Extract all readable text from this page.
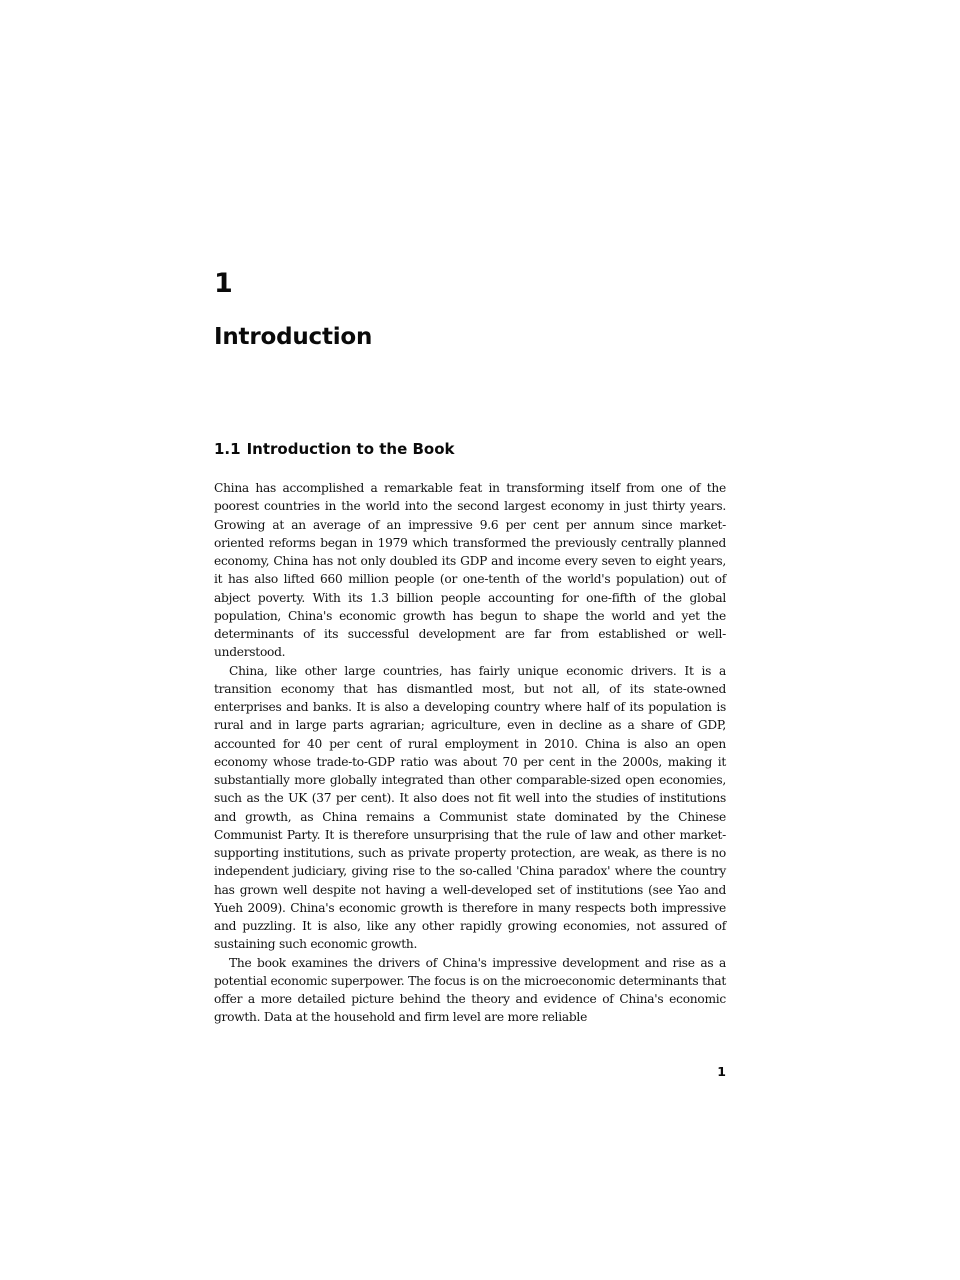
1
Introduction
1.1 Introduction to the Book

China has accomplished a remarkable feat in transforming itself from one of the poorest countries in the world into the second largest economy in just thirty years. Growing at an average of an impressive 9.6 per cent per annum since market-oriented reforms began in 1979 which transformed the previously centrally planned economy, China has not only doubled its GDP and income every seven to eight years, it has also lifted 660 million people (or one-tenth of the world's population) out of abject poverty. With its 1.3 billion people accounting for one-fifth of the global population, China's economic growth has begun to shape the world and yet the determinants of its successful development are far from established or well-understood.

China, like other large countries, has fairly unique economic drivers. It is a transition economy that has dismantled most, but not all, of its state-owned enterprises and banks. It is also a developing country where half of its population is rural and in large parts agrarian; agriculture, even in decline as a share of GDP, accounted for 40 per cent of rural employment in 2010. China is also an open economy whose trade-to-GDP ratio was about 70 per cent in the 2000s, making it substantially more globally integrated than other comparable-sized open economies, such as the UK (37 per cent). It also does not fit well into the studies of institutions and growth, as China remains a Communist state dominated by the Chinese Communist Party. It is therefore unsurprising that the rule of law and other market-supporting institutions, such as private property protection, are weak, as there is no independent judiciary, giving rise to the so-called 'China paradox' where the country has grown well despite not having a well-developed set of institutions (see Yao and Yueh 2009). China's economic growth is therefore in many respects both impressive and puzzling. It is also, like any other rapidly growing economies, not assured of sustaining such economic growth.

The book examines the drivers of China's impressive development and rise as a potential economic superpower. The focus is on the microeconomic determinants that offer a more detailed picture behind the theory and evidence of China's economic growth. Data at the household and firm level are more reliable

1
